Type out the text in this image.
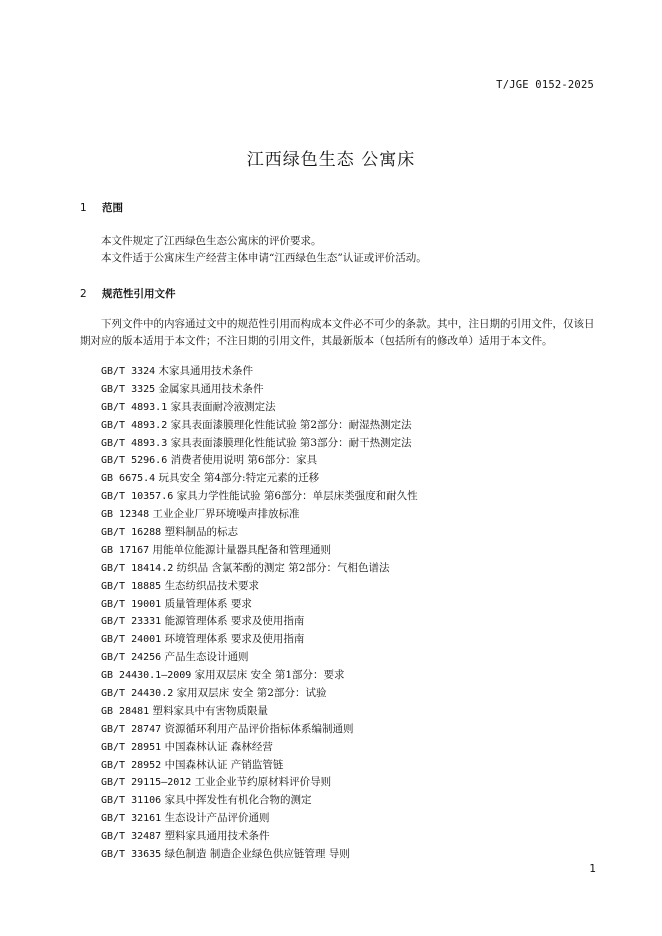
T/JGE 0152-2025
江西绿色生态 公寓床
1 范围
本文件规定了江西绿色生态公寓床的评价要求。
本文件适于公寓床生产经营主体申请“江西绿色生态”认证或评价活动。
2 规范性引用文件
下列文件中的内容通过文中的规范性引用而构成本文件必不可少的条款。其中，注日期的引用文件，仅该日期对应的版本适用于本文件；不注日期的引用文件，其最新版本（包括所有的修改单）适用于本文件。
GB/T 3324 木家具通用技术条件
GB/T 3325 金属家具通用技术条件
GB/T 4893.1 家具表面耐冷液测定法
GB/T 4893.2 家具表面漆膜理化性能试验 第2部分：耐湿热测定法
GB/T 4893.3 家具表面漆膜理化性能试验 第3部分：耐干热测定法
GB/T 5296.6 消费者使用说明 第6部分：家具
GB 6675.4 玩具安全 第4部分:特定元素的迁移
GB/T 10357.6 家具力学性能试验 第6部分：单层床类强度和耐久性
GB 12348 工业企业厂界环境噪声排放标准
GB/T 16288 塑料制品的标志
GB 17167 用能单位能源计量器具配备和管理通则
GB/T 18414.2 纺织品 含氯苯酚的测定 第2部分：气相色谱法
GB/T 18885 生态纺织品技术要求
GB/T 19001 质量管理体系 要求
GB/T 23331 能源管理体系 要求及使用指南
GB/T 24001 环境管理体系 要求及使用指南
GB/T 24256 产品生态设计通则
GB 24430.1—2009 家用双层床 安全 第1部分：要求
GB/T 24430.2 家用双层床 安全 第2部分：试验
GB 28481 塑料家具中有害物质限量
GB/T 28747 资源循环利用产品评价指标体系编制通则
GB/T 28951 中国森林认证 森林经营
GB/T 28952 中国森林认证 产销监管链
GB/T 29115—2012 工业企业节约原材料评价导则
GB/T 31106 家具中挥发性有机化合物的测定
GB/T 32161 生态设计产品评价通则
GB/T 32487 塑料家具通用技术条件
GB/T 33635 绿色制造 制造企业绿色供应链管理 导则
1
